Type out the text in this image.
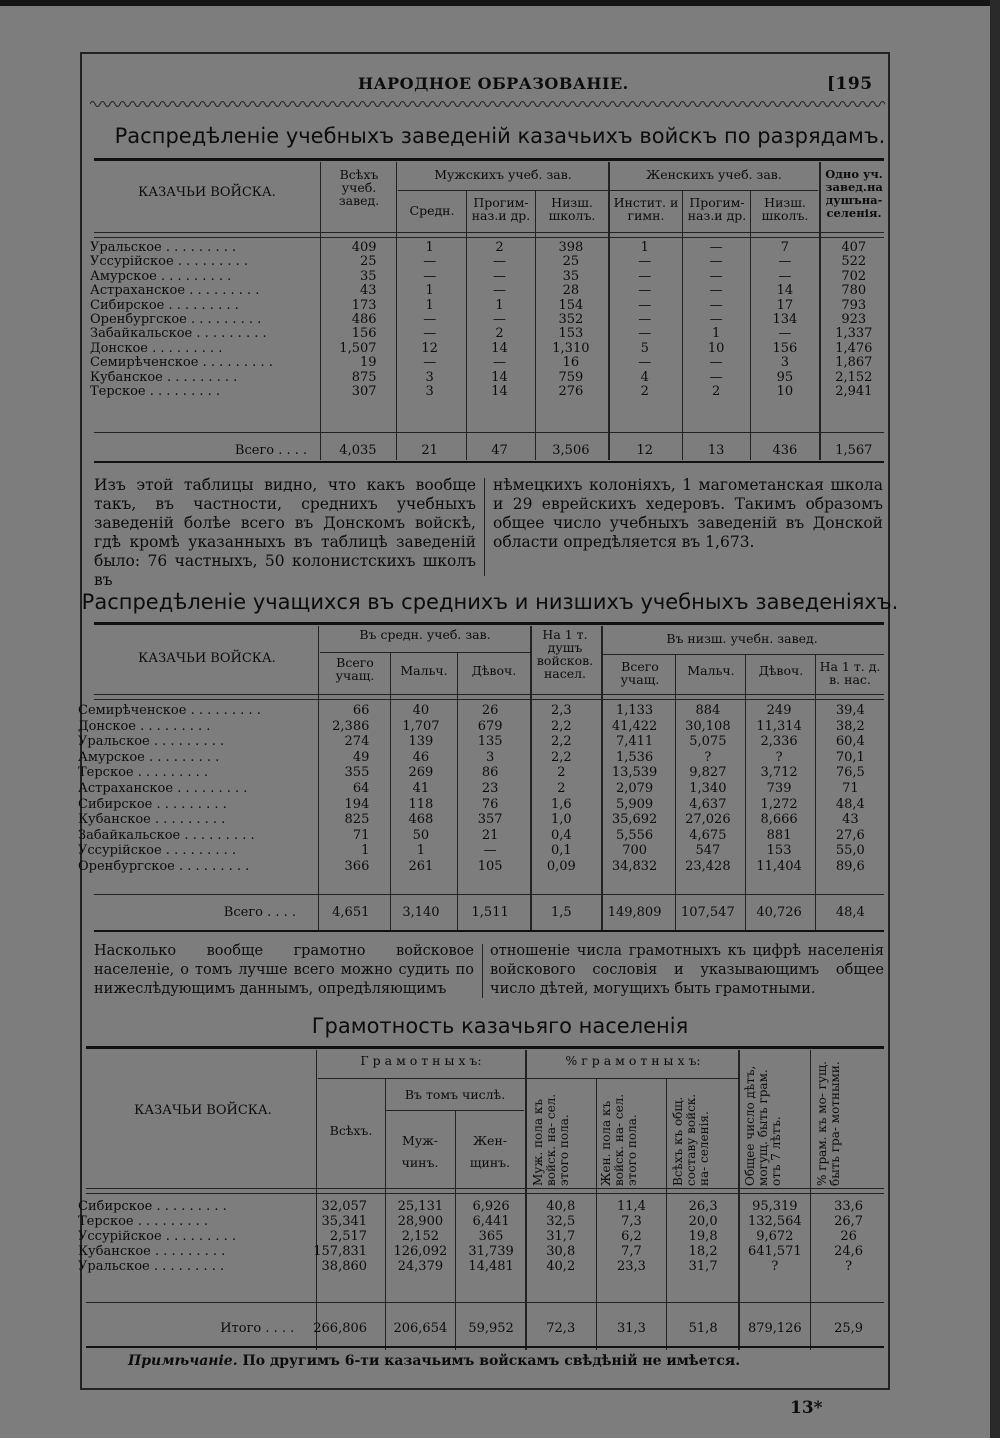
НАРОДНОЕ ОБРАЗОВАНІЕ.	[195
Распредѣленіе учебныхъ заведеній казачьихъ войскъ по разрядамъ.
КАЗАЧЬИ ВОЙСКА.
Всѣхъ учеб. завед.
Мужскихъ учеб. зав.	Женскихъ учеб. зав.	Одно уч. завед.на душъна- селенія.
Средн.
Прогим- наз.и др.
Низш. школъ.
Инстит. и гимн.
Прогим- наз.и др.
Низш. школъ.
Уральское . . . . . . . . .	409	1	2	398	1	—	7	407
Уссурійское . . . . . . . . .	25	—	—	25	—	—	—	522
Амурское . . . . . . . . .	35	—	—	35	—	—	—	702
Астраханское . . . . . . . . .	43	1	—	28	—	—	14	780
Сибирское . . . . . . . . .	173	1	1	154	—	—	17	793
Оренбургское . . . . . . . . .	486	—	—	352	—	—	134	923
Забайкальское . . . . . . . . .	156	—	2	153	—	1	—	1,337
Донское . . . . . . . . .	1,507	12	14	1,310	5	10	156	1,476
Семирѣченское . . . . . . . . .	19	—	—	16	—	—	3	1,867
Кубанское . . . . . . . . .	875	3	14	759	4	—	95	2,152
Терское . . . . . . . . .	307	3	14	276	2	2	10	2,941
Всего . . . .	4,035	21	47	3,506	12	13	436	1,567
Изъ этой таблицы видно, что какъ вообще такъ, въ частности, среднихъ учебныхъ заведеній болѣе всего въ Донскомъ войскѣ, гдѣ кромѣ указанныхъ въ таблицѣ заведеній было: 76 частныхъ, 50 колонистскихъ школъ въ
нѣмецкихъ колоніяхъ, 1 магометанская школа и 29 еврейскихъ хедеровъ. Такимъ образомъ общее число учебныхъ заведеній въ Донской области опредѣляется въ 1,673.
Распредѣленіе учащихся въ среднихъ и низшихъ учебныхъ заведеніяхъ.
КАЗАЧЬИ ВОЙСКА.
Въ средн. учеб. зав.	На 1 т. душъ войсков. насел.
Въ низш. учебн. завед.
Всего учащ.	Мальч.	Дѣвоч.	Всего учащ.
Мальч.	Дѣвоч.	На 1 т. д. в. нас.
Семирѣченское . . . . . . . . .	66	40	26	2,3	1,133	884	249	39,4
Донское . . . . . . . . .	2,386	1,707	679	2,2	41,422	30,108	11,314	38,2
Уральское . . . . . . . . .	274	139	135	2,2	7,411	5,075	2,336	60,4
Амурское . . . . . . . . .	49	46	3	2,2	1,536	?	?	70,1
Терское . . . . . . . . .	355	269	86	2	13,539	9,827	3,712	76,5
Астраханское . . . . . . . . .	64	41	23	2	2,079	1,340	739	71
Сибирское . . . . . . . . .	194	118	76	1,6	5,909	4,637	1,272	48,4
Кубанское . . . . . . . . .	825	468	357	1,0	35,692	27,026	8,666	43
Забайкальское . . . . . . . . .	71	50	21	0,4	5,556	4,675	881	27,6
Уссурійское . . . . . . . . .	1	1	—	0,1	700	547	153	55,0
Оренбургское . . . . . . . . .	366	261	105	0,09	34,832	23,428	11,404	89,6
Всего . . . .	4,651	3,140	1,511	1,5	149,809	107,547	40,726	48,4
Насколько вообще грамотно войсковое населеніе, о томъ лучше всего можно судить по нижеслѣдующимъ даннымъ, опредѣляющимъ
отношеніе числа грамотныхъ къ цифрѣ населенія войскового сословія и указывающимъ общее число дѣтей, могущихъ быть грамотными.
Грамотность казачьяго населенія
КАЗАЧЬИ ВОЙСКА.
Г р а м о т н ы х ъ:	% г р а м о т н ы х ъ:
Всѣхъ.
Въ томъ числѣ.
Муж- чинъ.
Жен- щинъ.	Муж. пола къ войск. на- сел. этого пола. Жен. пола къ войск. на- сел. этого пола.	Всѣхъ къ общ. составу войск. на- селенія.	Общее число дѣтъ, могущ. быть грам. отъ 7 лѣтъ.	% грам. къ мо- гущ. быть гра- мотными.
Сибирское . . . . . . . . .	32,057	25,131	6,926	40,8	11,4	26,3	95,319	33,6
Терское . . . . . . . . .	35,341	28,900	6,441	32,5	7,3	20,0	132,564	26,7
Уссурійское . . . . . . . . .	2,517	2,152	365	31,7	6,2	19,8	9,672	26
Кубанское . . . . . . . . .	157,831	126,092	31,739	30,8	7,7	18,2	641,571	24,6
Уральское . . . . . . . . .	38,860	24,379	14,481	40,2	23,3	31,7	?	?
Итого . . . .	266,806	206,654	59,952	72,3	31,3	51,8	879,126	25,9
Примѣчаніе. По другимъ 6-ти казачьимъ войскамъ свѣдѣній не имѣется.
13*
